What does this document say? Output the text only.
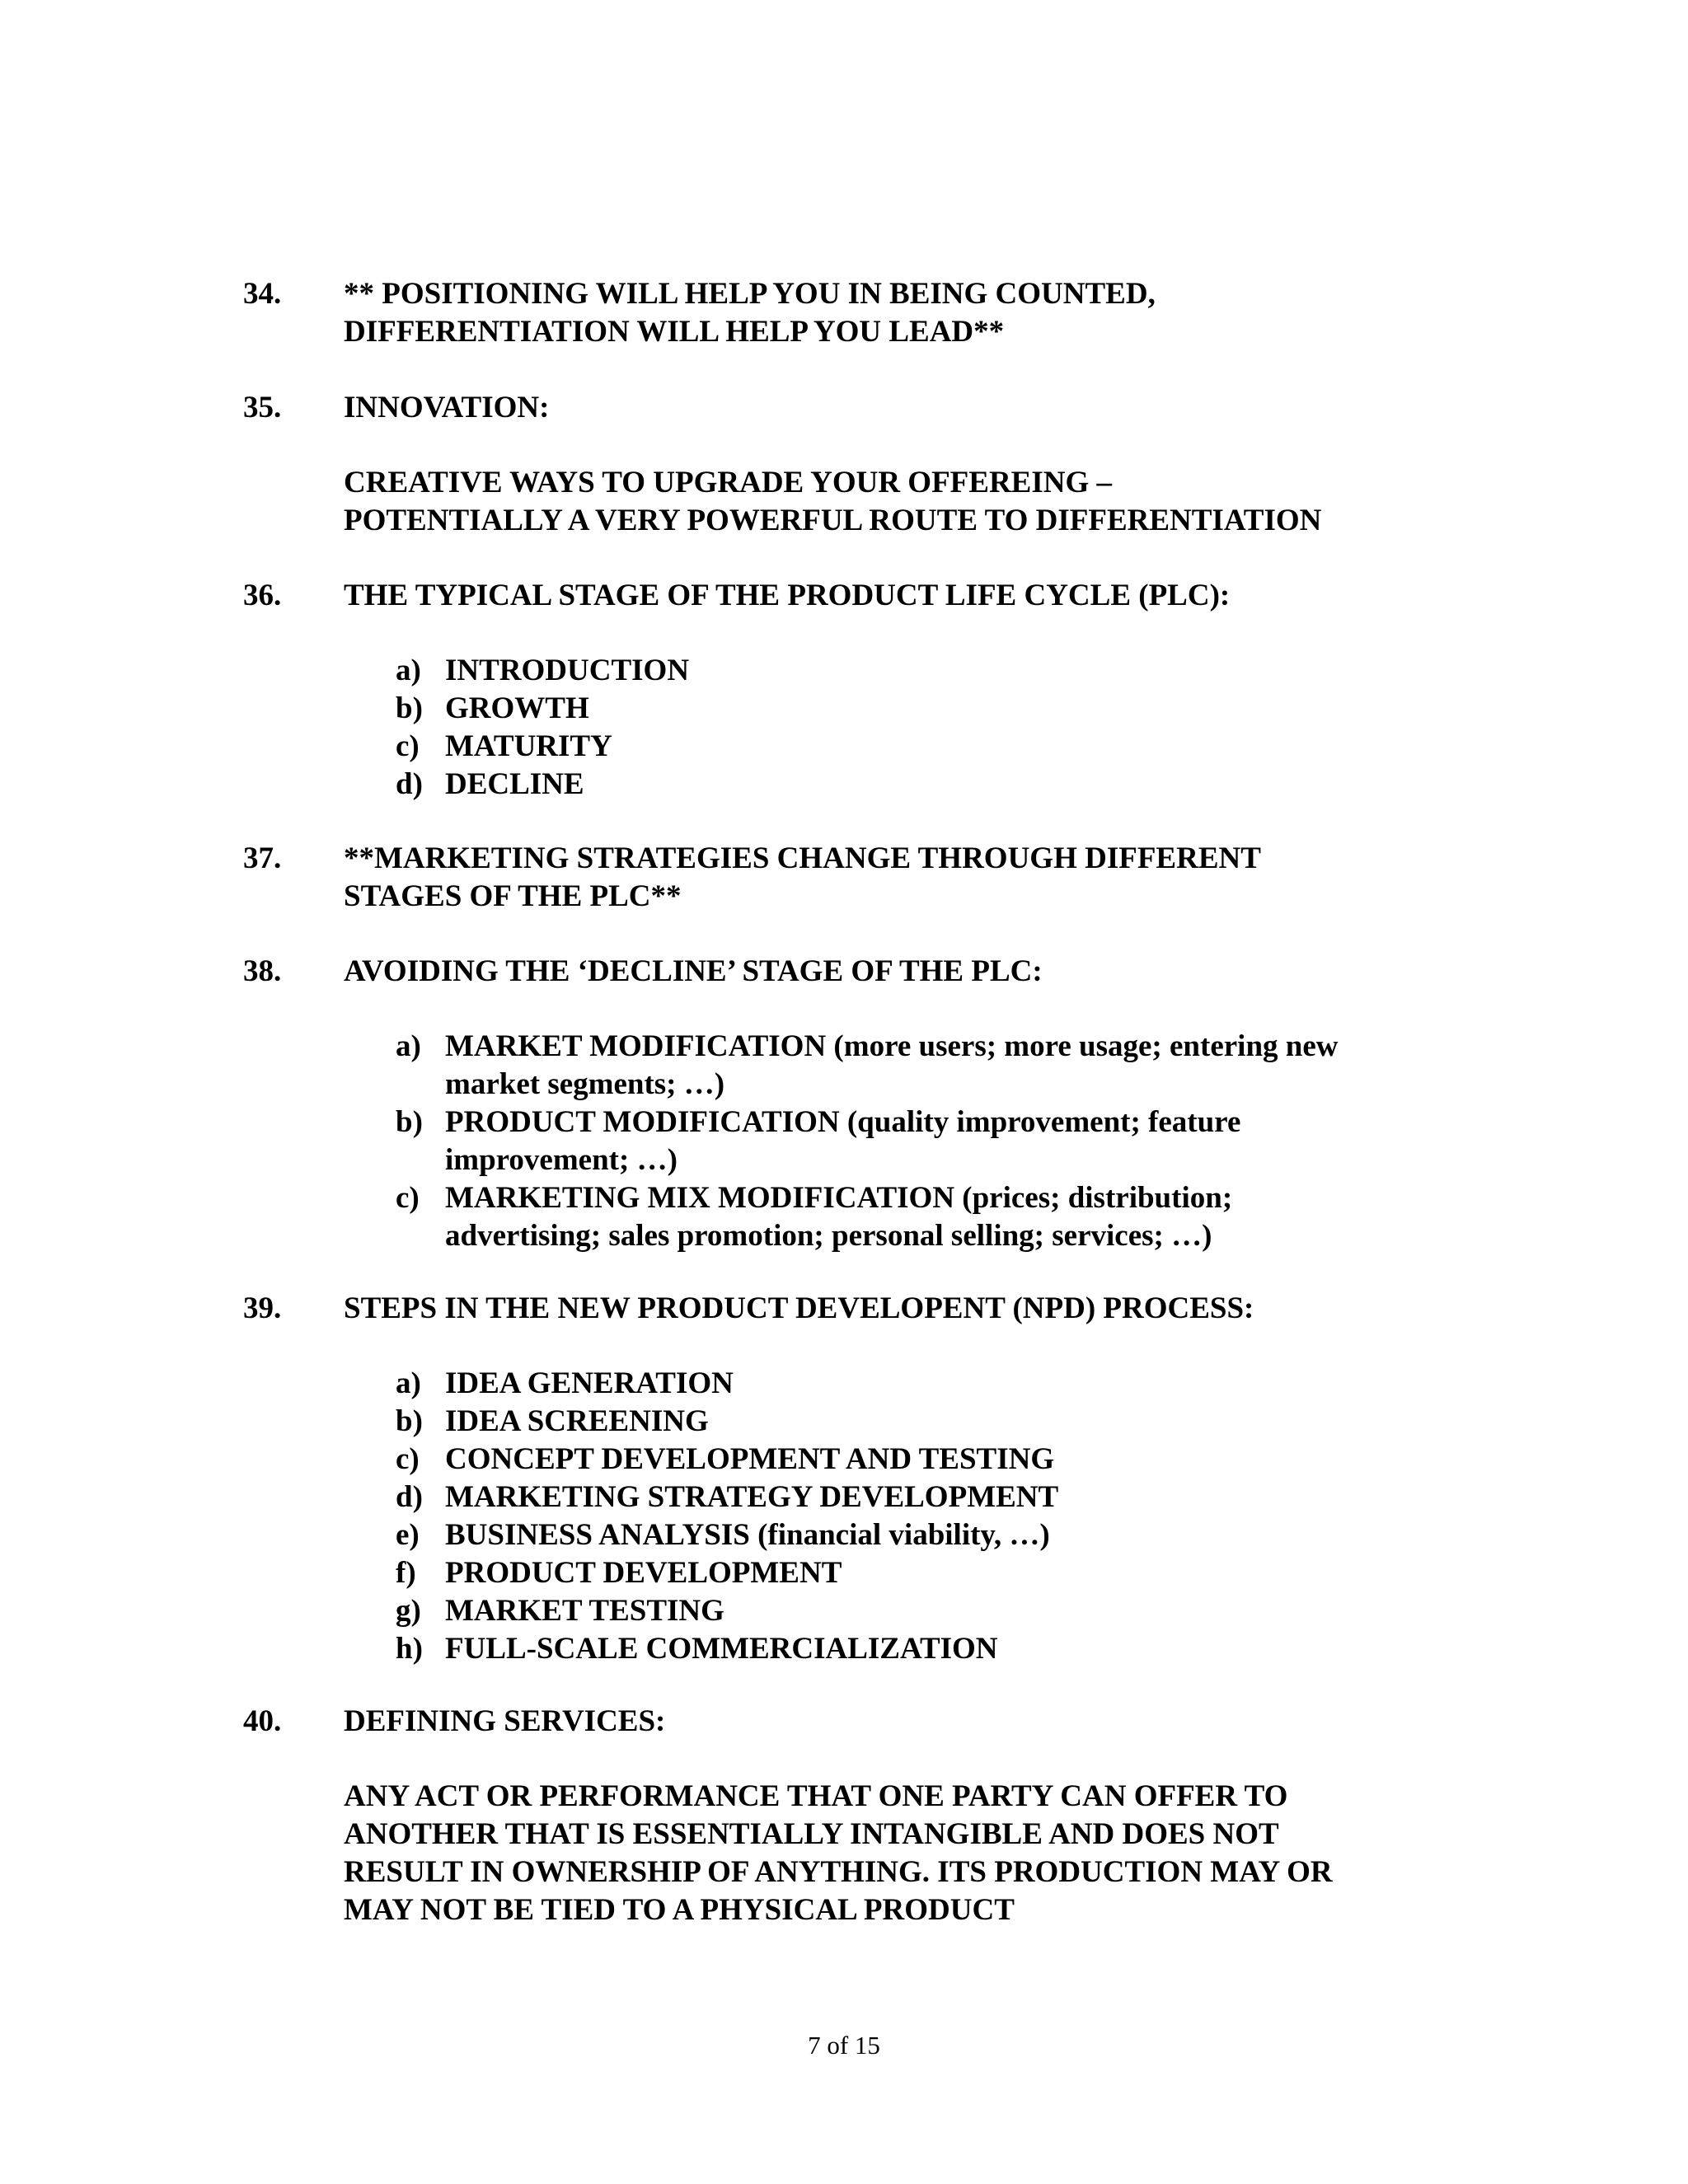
34.	** POSITIONING WILL HELP YOU IN BEING COUNTED,
DIFFERENTIATION WILL HELP YOU LEAD**
35.	INNOVATION:
CREATIVE WAYS TO UPGRADE YOUR OFFEREING –
POTENTIALLY A VERY POWERFUL ROUTE TO DIFFERENTIATION
36.	THE TYPICAL STAGE OF THE PRODUCT LIFE CYCLE (PLC):
a) INTRODUCTION
b) GROWTH
c) MATURITY
d) DECLINE
37.	**MARKETING STRATEGIES CHANGE THROUGH DIFFERENT
STAGES OF THE PLC**
38.	AVOIDING THE ‘DECLINE’ STAGE OF THE PLC:
a) MARKET MODIFICATION (more users; more usage; entering new
market segments; …)
b) PRODUCT MODIFICATION (quality improvement; feature
improvement; …)
c) MARKETING MIX MODIFICATION (prices; distribution;
advertising; sales promotion; personal selling; services; …)
39.	STEPS IN THE NEW PRODUCT DEVELOPENT (NPD) PROCESS:
a) IDEA GENERATION
b) IDEA SCREENING
c) CONCEPT DEVELOPMENT AND TESTING
d) MARKETING STRATEGY DEVELOPMENT
e) BUSINESS ANALYSIS (financial viability, …)
f) PRODUCT DEVELOPMENT
g) MARKET TESTING
h) FULL-SCALE COMMERCIALIZATION
40.	DEFINING SERVICES:
ANY ACT OR PERFORMANCE THAT ONE PARTY CAN OFFER TO
ANOTHER THAT IS ESSENTIALLY INTANGIBLE AND DOES NOT
RESULT IN OWNERSHIP OF ANYTHING. ITS PRODUCTION MAY OR
MAY NOT BE TIED TO A PHYSICAL PRODUCT
7 of 15
